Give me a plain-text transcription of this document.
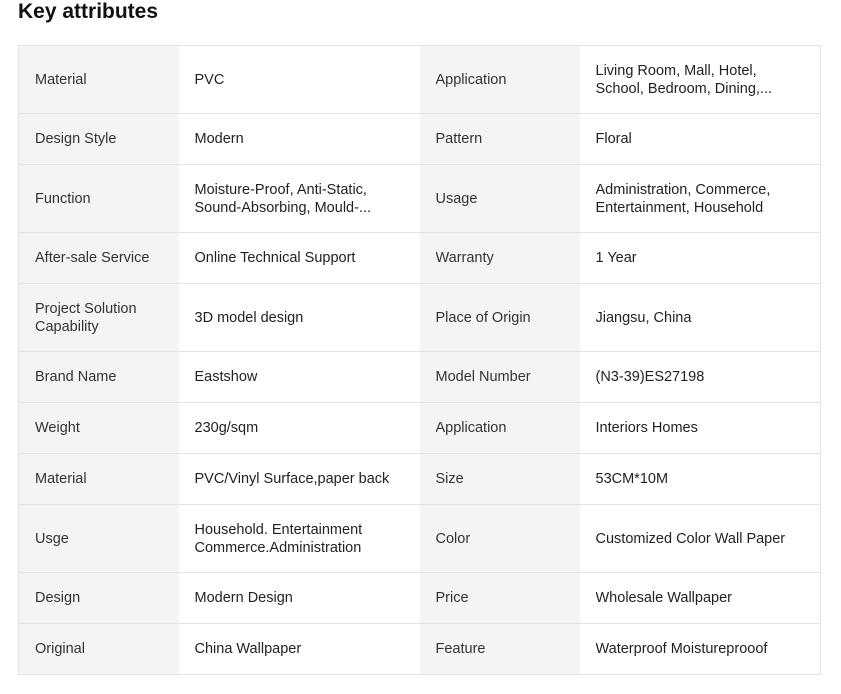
Key attributes
Material	PVC	Application	Living Room, Mall, Hotel, School, Bedroom, Dining,...

Design Style	Modern	Pattern	Floral

Function	Moisture-Proof, Anti-Static, Sound-Absorbing, Mould-...	Usage	Administration, Commerce, Entertainment, Household

After-sale Service	Online Technical Support	Warranty	1 Year

Project Solution Capability	3D model design	Place of Origin	Jiangsu, China

Brand Name	Eastshow	Model Number	(N3-39)ES27198

Weight	230g/sqm	Application	Interiors Homes

Material	PVC/Vinyl Surface,paper back	Size	53CM*10M

Usge	Household. Entertainment Commerce.Administration	Color	Customized Color Wall Paper

Design	Modern Design	Price	Wholesale Wallpaper

Original	China Wallpaper	Feature	Waterproof Moistureprooof
